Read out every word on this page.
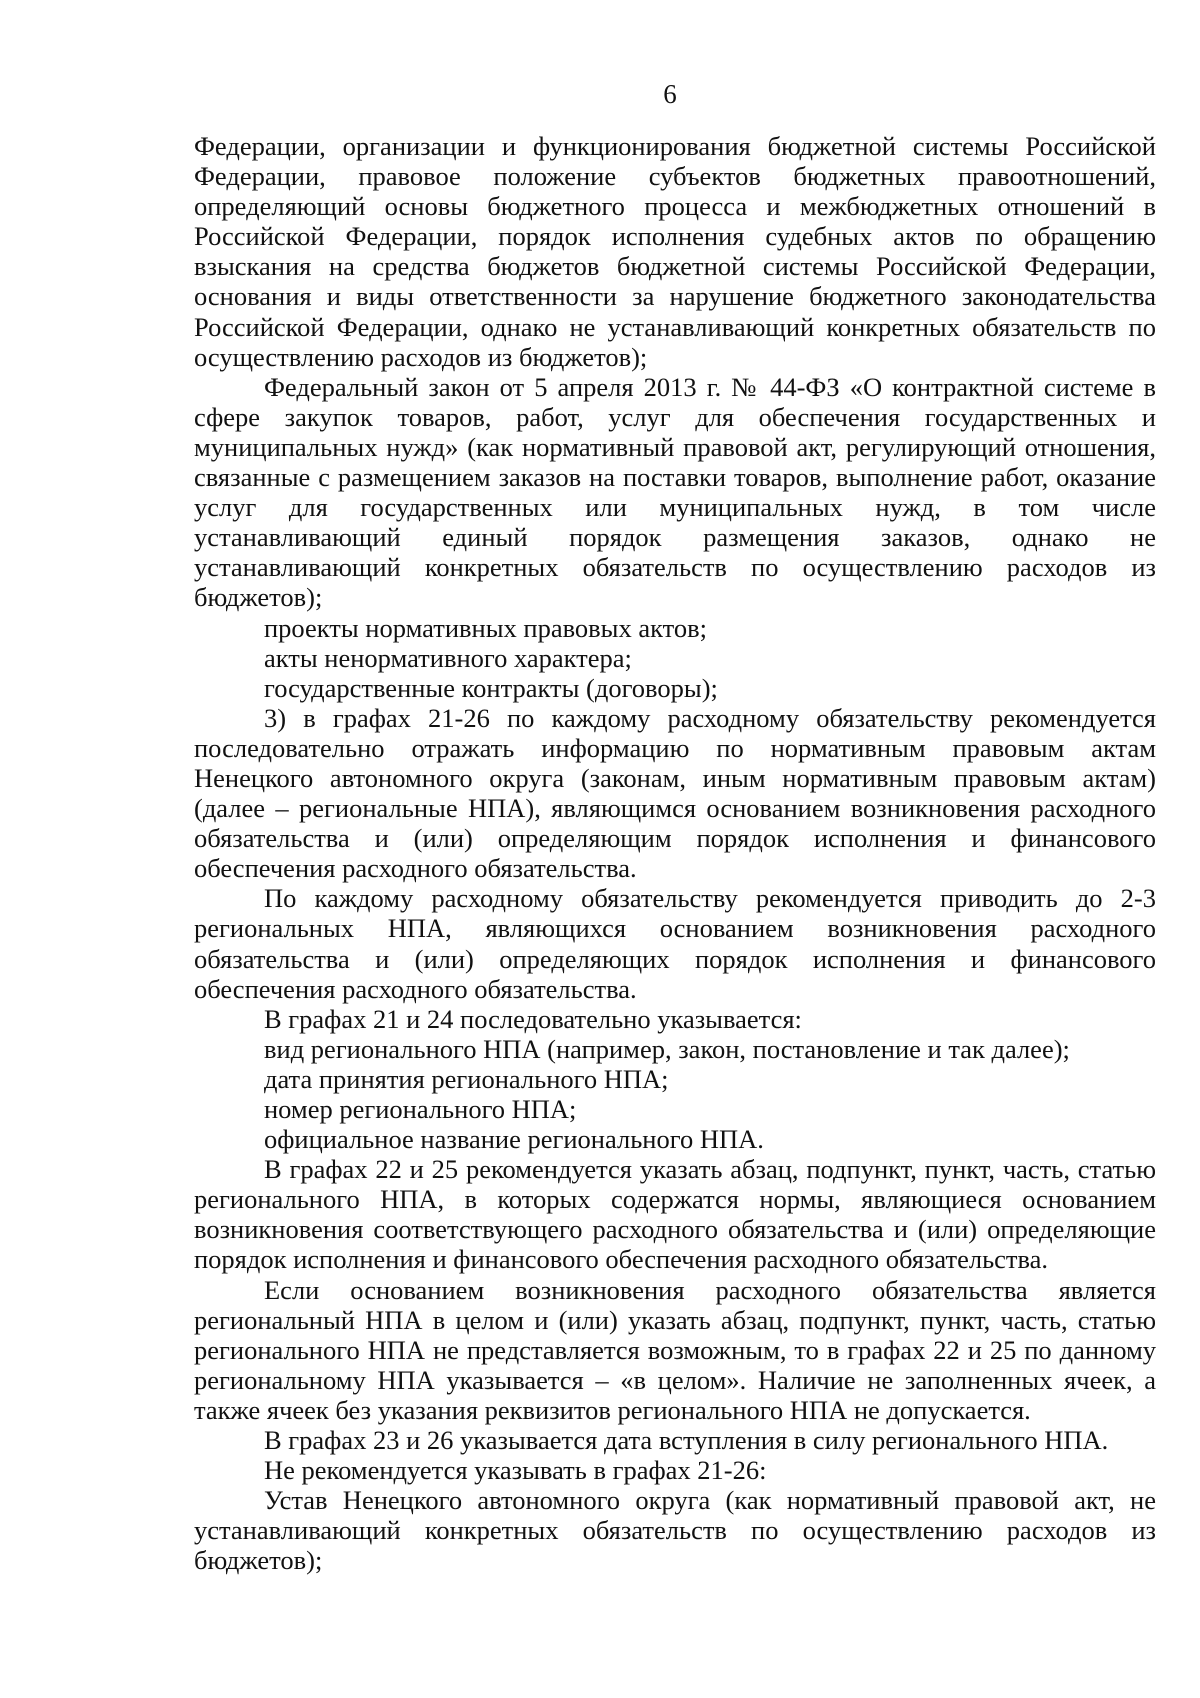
6

Федерации, организации и функционирования бюджетной системы Российской Федерации, правовое положение субъектов бюджетных правоотношений, определяющий основы бюджетного процесса и межбюджетных отношений в Российской Федерации, порядок исполнения судебных актов по обращению взыскания на средства бюджетов бюджетной системы Российской Федерации, основания и виды ответственности за нарушение бюджетного законодательства Российской Федерации, однако не устанавливающий конкретных обязательств по осуществлению расходов из бюджетов);

Федеральный закон от 5 апреля 2013 г. № 44-ФЗ «О контрактной системе в сфере закупок товаров, работ, услуг для обеспечения государственных и муниципальных нужд» (как нормативный правовой акт, регулирующий отношения, связанные с размещением заказов на поставки товаров, выполнение работ, оказание услуг для государственных или муниципальных нужд, в том числе устанавливающий единый порядок размещения заказов, однако не устанавливающий конкретных обязательств по осуществлению расходов из бюджетов);

проекты нормативных правовых актов;

акты ненормативного характера;

государственные контракты (договоры);

3) в графах 21-26 по каждому расходному обязательству рекомендуется последовательно отражать информацию по нормативным правовым актам Ненецкого автономного округа (законам, иным нормативным правовым актам) (далее – региональные НПА), являющимся основанием возникновения расходного обязательства и (или) определяющим порядок исполнения и финансового обеспечения расходного обязательства.

По каждому расходному обязательству рекомендуется приводить до 2-3 региональных НПА, являющихся основанием возникновения расходного обязательства и (или) определяющих порядок исполнения и финансового обеспечения расходного обязательства.

В графах 21 и 24 последовательно указывается:

вид регионального НПА (например, закон, постановление и так далее);

дата принятия регионального НПА;

номер регионального НПА;

официальное название регионального НПА.

В графах 22 и 25 рекомендуется указать абзац, подпункт, пункт, часть, статью регионального НПА, в которых содержатся нормы, являющиеся основанием возникновения соответствующего расходного обязательства и (или) определяющие порядок исполнения и финансового обеспечения расходного обязательства.

Если основанием возникновения расходного обязательства является региональный НПА в целом и (или) указать абзац, подпункт, пункт, часть, статью регионального НПА не представляется возможным, то в графах 22 и 25 по данному региональному НПА указывается – «в целом». Наличие не заполненных ячеек, а также ячеек без указания реквизитов регионального НПА не допускается.

В графах 23 и 26 указывается дата вступления в силу регионального НПА.

Не рекомендуется указывать в графах 21-26:

Устав Ненецкого автономного округа (как нормативный правовой акт, не устанавливающий конкретных обязательств по осуществлению расходов из бюджетов);
